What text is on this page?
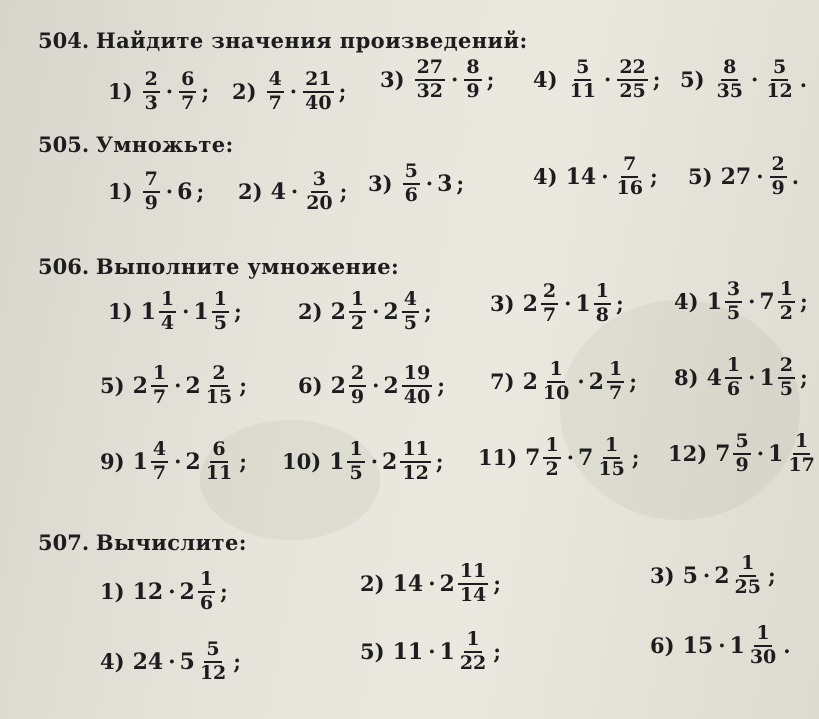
504. Найдите значения произведений:
$1) \frac{2}{3} \cdot \frac{6}{7}$ ; $2) \frac{4}{7} \cdot \frac{21}{40}$ ; $3) \frac{27}{32} \cdot \frac{8}{9}$ ; $4) \frac{5}{11} \cdot \frac{22}{25}$ ; $5) \frac{8}{35} \cdot \frac{5}{12}$ .
505. Умножьте:
$1) \frac{7}{9} \cdot 6$ ; 2) $4 \cdot \frac{3}{20}$ ; $3) \frac{5}{6} \cdot 3$ ;	4) $14 \cdot \frac{7}{16}$ ; 5) $27 \cdot \frac{2}{9}$ .
506. Выполните умножение:
1) $1 \frac{1}{4} \cdot 1 \frac{1}{5}$ ;	2) $2 \frac{1}{2} \cdot 2 \frac{4}{5}$ ;	3) $2 \frac{2}{7} \cdot 1 \frac{1}{8}$ ; 4) $1 \frac{3}{5} \cdot 7 \frac{1}{2}$ ;
5) $2 \frac{1}{7} \cdot 2 \frac{2}{15}$ ; 6) $2 \frac{2}{9} \cdot 2 \frac{19}{40}$ ; 7) $2 \frac{1}{10} \cdot 2 \frac{1}{7}$ ; 8) $4 \frac{1}{6} \cdot 1 \frac{2}{5}$ ;
9) $1 \frac{4}{7} \cdot 2 \frac{6}{11}$ ; 10) $1 \frac{1}{5} \cdot 2 \frac{11}{12}$ ; 11) $7 \frac{1}{2} \cdot 7 \frac{1}{15}$ ; 12) $7 \frac{5}{9} \cdot 1 \frac{1}{17}$
507. Вычислите:
1) $12 \cdot 2 \frac{1}{6}$ ;	2) $14 \cdot 2 \frac{11}{14}$ ;	3) $5 \cdot 2 \frac{1}{25}$ ;
4) $24 \cdot 5 \frac{5}{12}$ ;	5) $11 \cdot 1 \frac{1}{22}$ ;	6) $15 \cdot 1 \frac{1}{30}$ .
